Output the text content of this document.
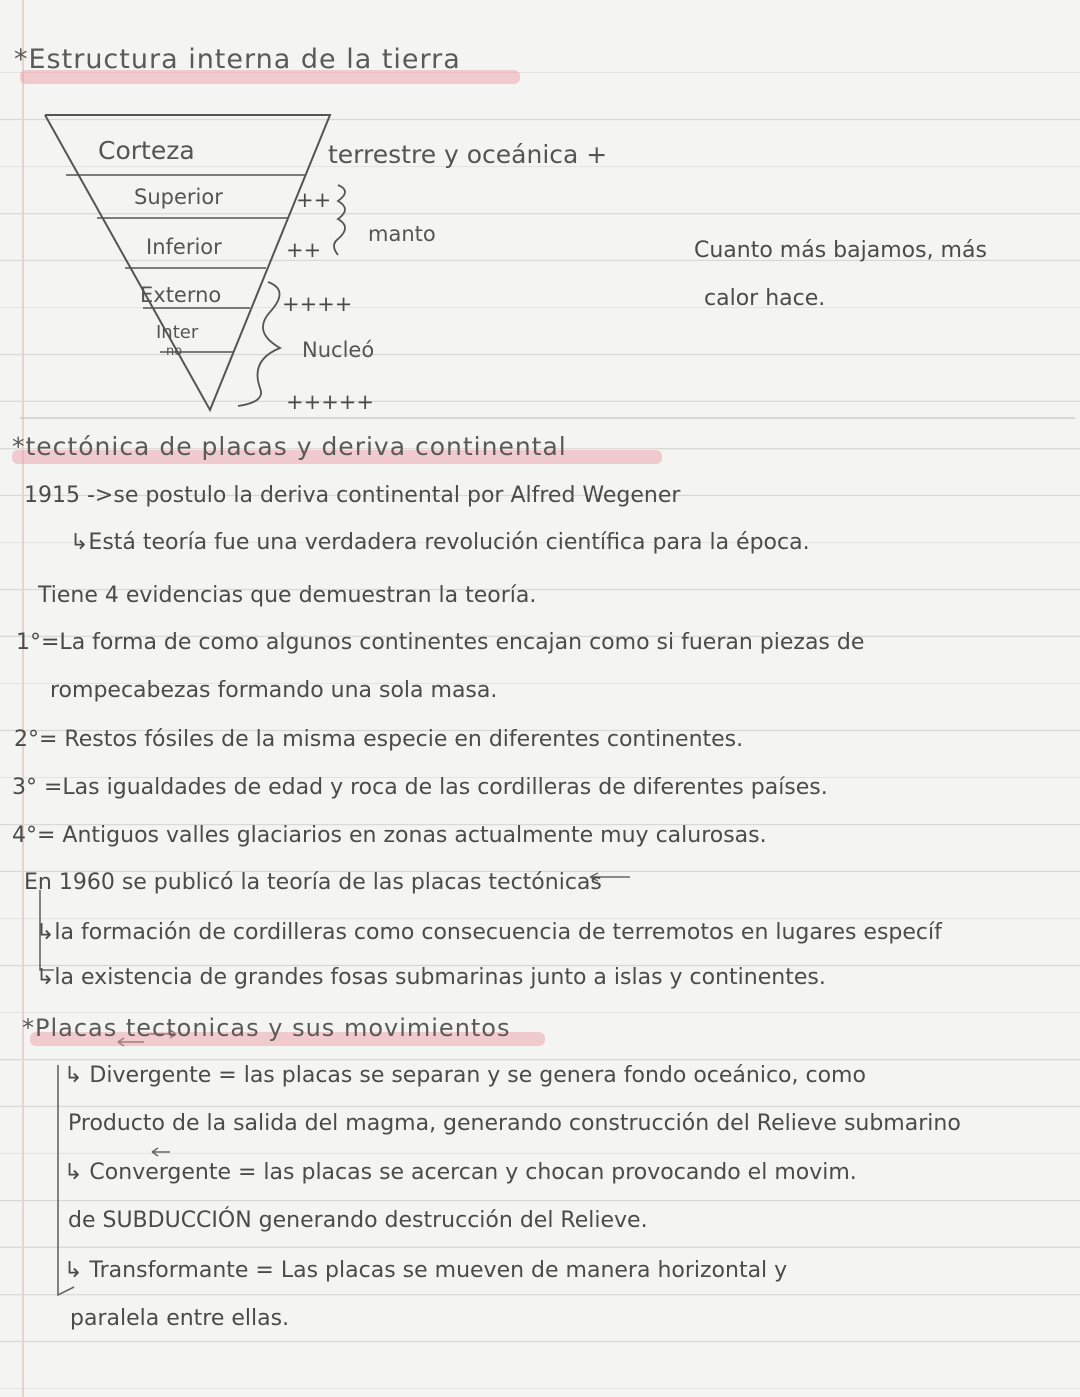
*Estructura interna de la tierra
Corteza
Superior
Inferior
Externo
Inter
no
terrestre y oceánica +
++
++
++++
+++++
manto
Nucleó
Cuanto más bajamos, más
calor hace.
*tectónica de placas y deriva continental
1915 ->se postulo la deriva continental por Alfred Wegener
↳Está teoría fue una verdadera revolución científica para la época.
Tiene 4 evidencias que demuestran la teoría.
1°=La forma de como algunos continentes encajan como si fueran piezas de
rompecabezas formando una sola masa.
2°= Restos fósiles de la misma especie en diferentes continentes.
3° =Las igualdades de edad y roca de las cordilleras de diferentes países.
4°= Antiguos valles glaciarios en zonas actualmente muy calurosas.
En 1960 se publicó la teoría de las placas tectónicas
↳la formación de cordilleras como consecuencia de terremotos en lugares específ
↳la existencia de grandes fosas submarinas junto a islas y continentes.
*Placas tectonicas y sus movimientos
↳ Divergente = las placas se separan y se genera fondo oceánico, como
Producto de la salida del magma, generando construcción del Relieve submarino
↳ Convergente = las placas se acercan y chocan provocando el movim.
de SUBDUCCIÓN generando destrucción del Relieve.
↳ Transformante = Las placas se mueven de manera horizontal y
paralela entre ellas.
